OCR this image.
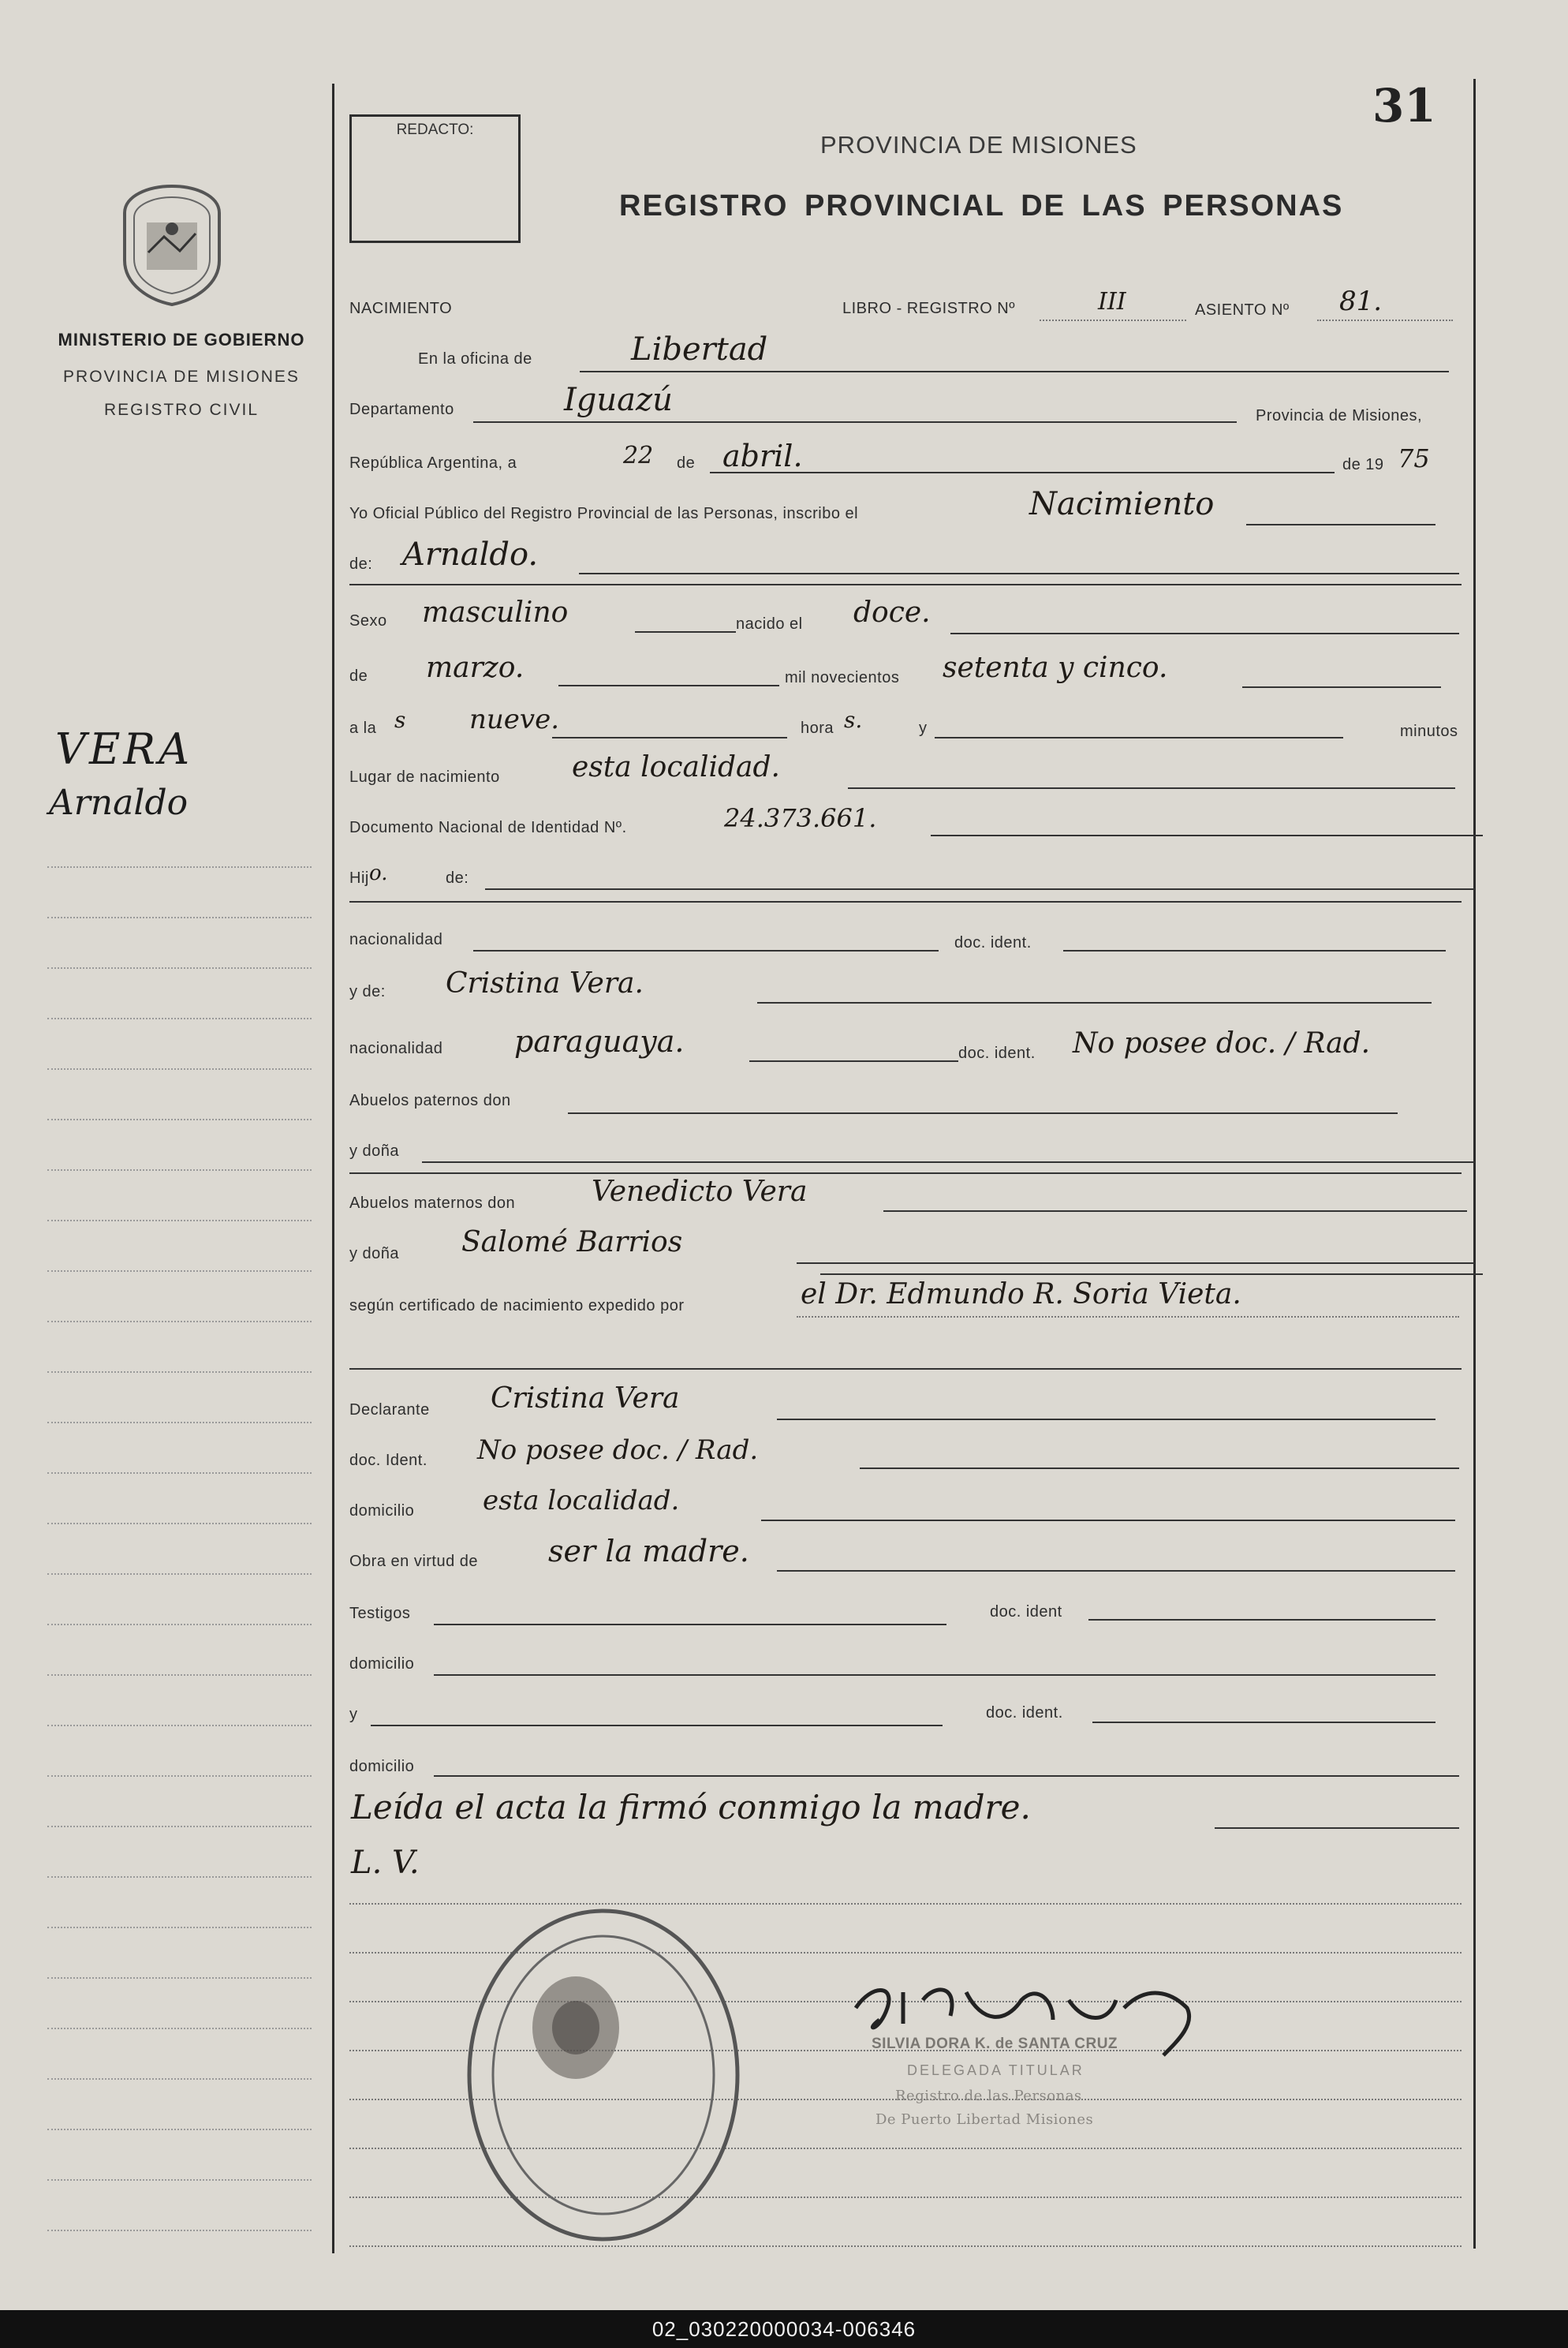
REDACTO:	31
PROVINCIA DE MISIONES
REGISTRO PROVINCIAL DE LAS PERSONAS
MINISTERIO DE GOBIERNO
PROVINCIA DE MISIONES
REGISTRO CIVIL
VERA
Arnaldo
NACIMIENTO	LIBRO - REGISTRO Nº	III	ASIENTO Nº 81.
En la oficina de	Libertad
Departamento	Iguazú	Provincia de Misiones,
República Argentina, a	22 de abril.	de 19 75
Yo Oficial Público del Registro Provincial de las Personas, inscribo el	Nacimiento
de: Arnaldo.
Sexo masculino	nacido el doce.
de marzo.	mil novecientos setenta y cinco.
a la s nueve.	hora s.	y	minutos
Lugar de nacimiento	esta localidad.
Documento Nacional de Identidad Nº.	24.373.661.
Hij o.	de:
nacionalidad	doc. ident.
y de: Cristina Vera.
nacionalidad paraguaya.	doc. ident. No posee doc. / Rad.
Abuelos paternos don
y doña
Abuelos maternos don	Venedicto Vera
y doña Salomé Barrios
según certificado de nacimiento expedido por	el Dr. Edmundo R. Soria Vieta.
Declarante Cristina Vera
doc. Ident. No posee doc. / Rad.
domicilio	esta localidad.
Obra en virtud de ser la madre.
Testigos	doc. ident
domicilio
y	doc. ident.
domicilio
Leída el acta la firmó conmigo la madre.
L. V.
SILVIA DORA K. de SANTA CRUZ
DELEGADA TITULAR
Registro de las Personas
De Puerto Libertad Misiones
02_030220000034-006346
